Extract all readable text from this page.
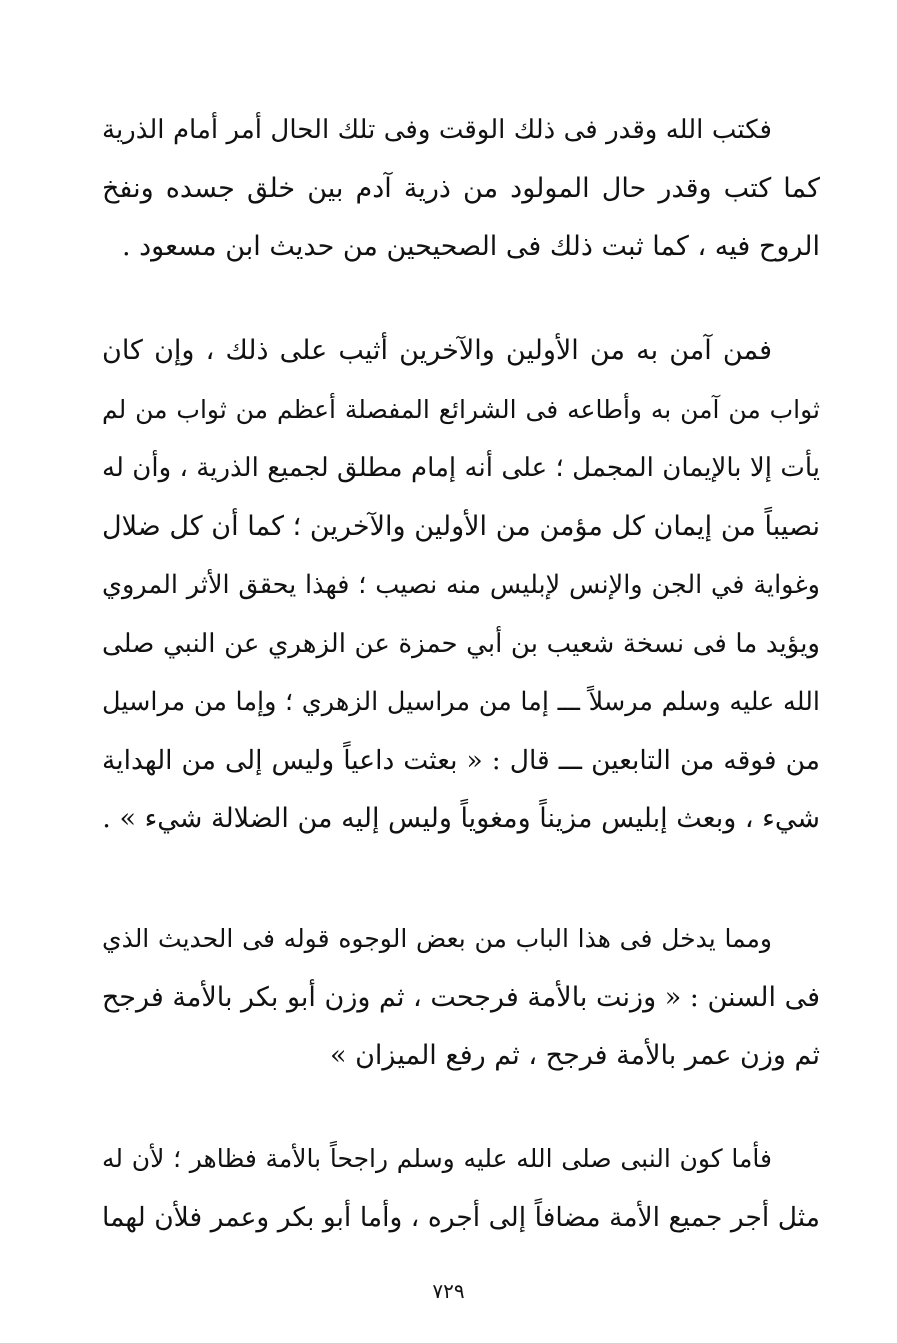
فكتب الله وقدر فى ذلك الوقت وفى تلك الحال أمر أمام الذرية
كما كتب وقدر حال المولود من ذرية آدم بين خلق جسده ونفخ
الروح فيه ، كما ثبت ذلك فى الصحيحين من حديث ابن مسعود .
فمن آمن به من الأولين والآخرين أثيب على ذلك ، وإن كان
ثواب من آمن به وأطاعه فى الشرائع المفصلة أعظم من ثواب من لم
يأت إلا بالإيمان المجمل ؛ على أنه إمام مطلق لجميع الذرية ، وأن له
نصيباً من إيمان كل مؤمن من الأولين والآخرين ؛ كما أن كل ضلال
وغواية في الجن والإنس لإبليس منه نصيب ؛ فهذا يحقق الأثر المروي
ويؤيد ما فى نسخة شعيب بن أبي حمزة عن الزهري عن النبي صلى
الله عليه وسلم مرسلاً ـــ إما من مراسيل الزهري ؛ وإما من مراسيل
من فوقه من التابعين ـــ قال : « بعثت داعياً وليس إلى من الهداية
شيء ، وبعث إبليس مزيناً ومغوياً وليس إليه من الضلالة شيء » .
ومما يدخل فى هذا الباب من بعض الوجوه قوله فى الحديث الذي
فى السنن : « وزنت بالأمة فرجحت ، ثم وزن أبو بكر بالأمة فرجح
ثم وزن عمر بالأمة فرجح ، ثم رفع الميزان »
فأما كون النبى صلى الله عليه وسلم راجحاً بالأمة فظاهر ؛ لأن له
مثل أجر جميع الأمة مضافاً إلى أجره ، وأما أبو بكر وعمر فلأن لهما
٧٢٩
